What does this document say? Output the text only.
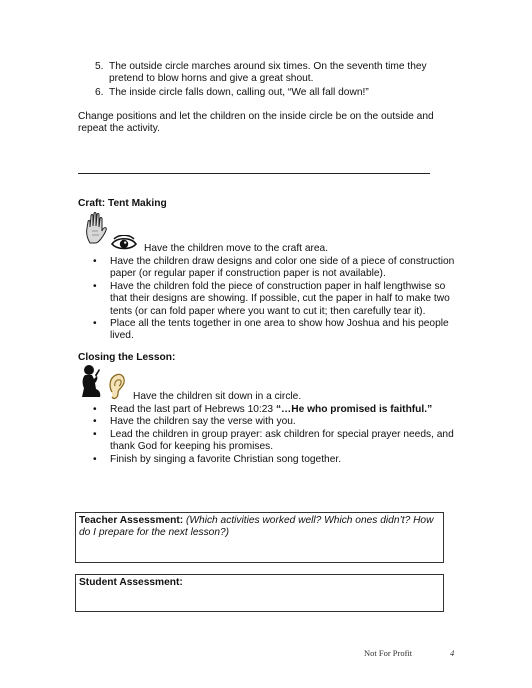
5. The outside circle marches around six times. On the seventh time they pretend to blow horns and give a great shout.
6. The inside circle falls down, calling out, “We all fall down!”
Change positions and let the children on the inside circle be on the outside and repeat the activity.
Craft: Tent Making
Have the children move to the craft area.
• Have the children draw designs and color one side of a piece of construction paper (or regular paper if construction paper is not available).
• Have the children fold the piece of construction paper in half lengthwise so that their designs are showing. If possible, cut the paper in half to make two tents (or can fold paper where you want to cut it; then carefully tear it).
• Place all the tents together in one area to show how Joshua and his people lived.
Closing the Lesson:
Have the children sit down in a circle.
• Read the last part of Hebrews 10:23 “…He who promised is faithful.”
• Have the children say the verse with you.
• Lead the children in group prayer: ask children for special prayer needs, and thank God for keeping his promises.
• Finish by singing a favorite Christian song together.
Teacher Assessment: (Which activities worked well? Which ones didn’t? How do I prepare for the next lesson?)
Student Assessment:
Not For Profit	4
